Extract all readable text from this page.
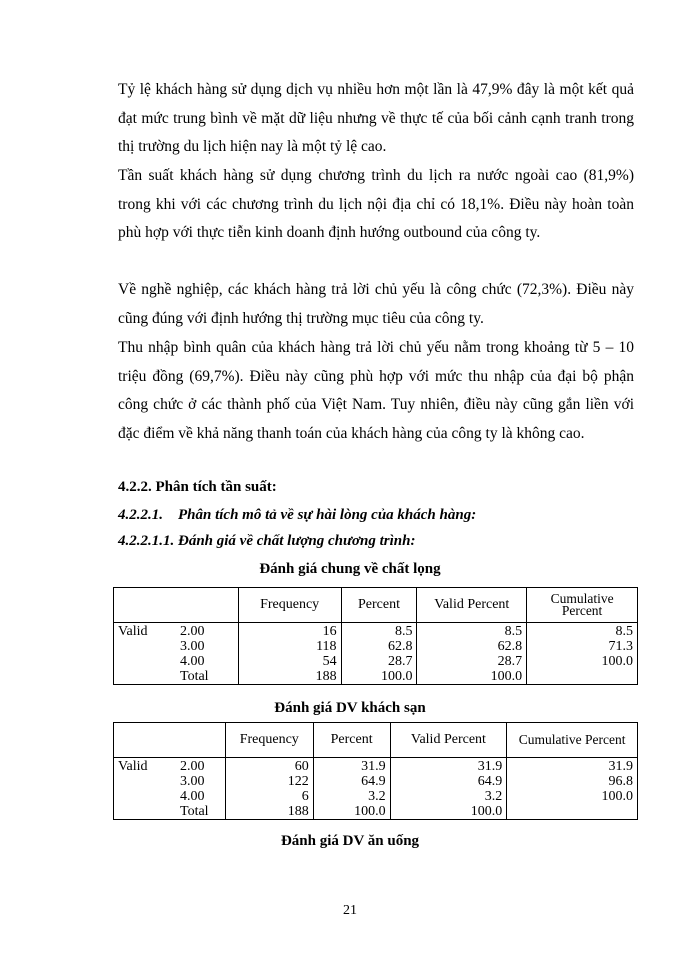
Tỷ lệ khách hàng sử dụng dịch vụ nhiều hơn một lần là 47,9% đây là một kết quả đạt mức trung bình về mặt dữ liệu nhưng về thực tế của bối cảnh cạnh tranh trong thị trường du lịch hiện nay là một tỷ lệ cao.

Tần suất khách hàng sử dụng chương trình du lịch ra nước ngoài cao (81,9%) trong khi với các chương trình du lịch nội địa chỉ có 18,1%. Điều này hoàn toàn phù hợp với thực tiễn kinh doanh định hướng outbound của công ty.

Về nghề nghiệp, các khách hàng trả lời chủ yếu là công chức (72,3%). Điều này cũng đúng với định hướng thị trường mục tiêu của công ty.

Thu nhập bình quân của khách hàng trả lời chủ yếu nằm trong khoảng từ 5 – 10 triệu đồng (69,7%). Điều này cũng phù hợp với mức thu nhập của đại bộ phận công chức ở các thành phố của Việt Nam. Tuy nhiên, điều này cũng gắn liền với đặc điểm về khả năng thanh toán của khách hàng của công ty là không cao.

4.2.2. Phân tích tần suất:

4.2.2.1.    Phân tích mô tả về sự hài lòng của khách hàng:

4.2.2.1.1. Đánh giá về chất lượng chương trình:

Đánh giá chung về chất lọng

	Frequency	Percent	Valid Percent	Cumulative Percent
Valid 2.00	16	8.5	8.5	8.5
3.00	118	62.8	62.8	71.3
4.00	54	28.7	28.7	100.0
Total	188	100.0	100.0	

Đánh giá DV khách sạn

	Frequency	Percent	Valid Percent	Cumulative Percent
Valid 2.00	60	31.9	31.9	31.9
3.00	122	64.9	64.9	96.8
4.00	6	3.2	3.2	100.0
Total	188	100.0	100.0	

Đánh giá DV ăn uống

21
